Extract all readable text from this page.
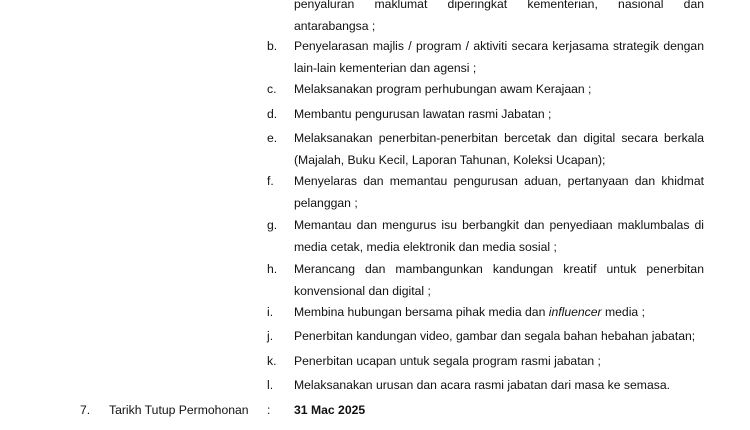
penyaluran maklumat diperingkat kementerian, nasional dan
antarabangsa ;
b. Penyelarasan majlis / program / aktiviti secara kerjasama strategik dengan
lain-lain kementerian dan agensi ;
c. Melaksanakan program perhubungan awam Kerajaan ;
d. Membantu pengurusan lawatan rasmi Jabatan ;
e. Melaksanakan penerbitan-penerbitan bercetak dan digital secara berkala
(Majalah, Buku Kecil, Laporan Tahunan, Koleksi Ucapan);
f. Menyelaras dan memantau pengurusan aduan, pertanyaan dan khidmat
pelanggan ;
g. Memantau dan mengurus isu berbangkit dan penyediaan maklumbalas di
media cetak, media elektronik dan media sosial ;
h. Merancang dan mambangunkan kandungan kreatif untuk penerbitan
konvensional dan digital ;
i. Membina hubungan bersama pihak media dan influencer media ;
j. Penerbitan kandungan video, gambar dan segala bahan hebahan jabatan;
k. Penerbitan ucapan untuk segala program rasmi jabatan ;
l. Melaksanakan urusan dan acara rasmi jabatan dari masa ke semasa.
7. Tarikh Tutup Permohonan : 31 Mac 2025
